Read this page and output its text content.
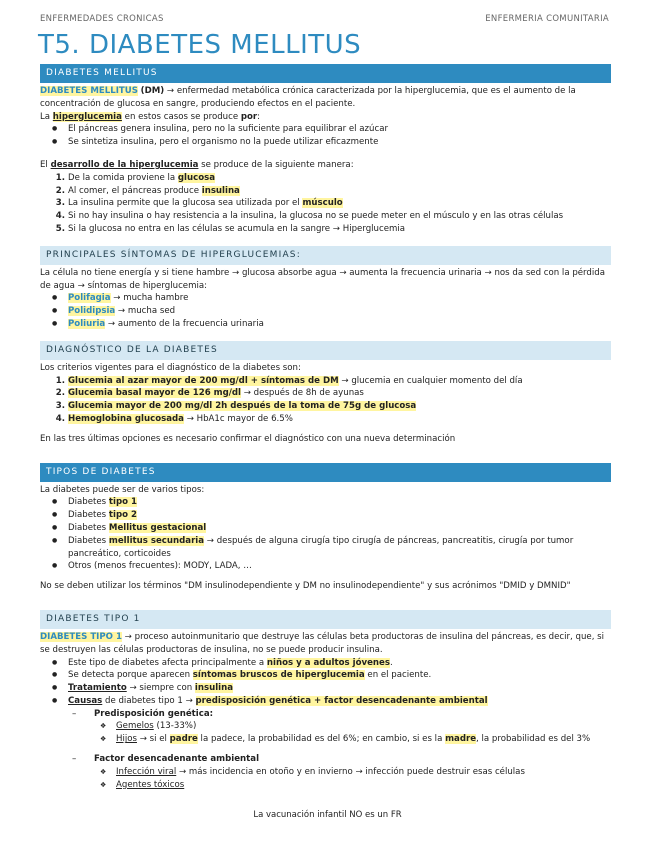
ENFERMEDADES CRONICAS	ENFERMERIA COMUNITARIA
T5. DIABETES MELLITUS
DIABETES MELLITUS

DIABETES MELLITUS (DM) → enfermedad metabólica crónica caracterizada por la hiperglucemia, que es el aumento de la concentración de glucosa en sangre, produciendo efectos en el paciente.

La hiperglucemia en estos casos se produce por:

● El páncreas genera insulina, pero no la suficiente para equilibrar el azúcar
● Se sintetiza insulina, pero el organismo no la puede utilizar eficazmente

El desarrollo de la hiperglucemia se produce de la siguiente manera:

1. De la comida proviene la glucosa
2. Al comer, el páncreas produce insulina
3. La insulina permite que la glucosa sea utilizada por el músculo
4. Si no hay insulina o hay resistencia a la insulina, la glucosa no se puede meter en el músculo y en las otras células
5. Si la glucosa no entra en las células se acumula en la sangre → Hiperglucemia
PRINCIPALES SÍNTOMAS DE HIPERGLUCEMIAS:

La célula no tiene energía y si tiene hambre → glucosa absorbe agua → aumenta la frecuencia urinaria → nos da sed con la pérdida de agua → síntomas de hiperglucemia:

● Polifagia → mucha hambre
● Polidipsia → mucha sed
● Poliuria → aumento de la frecuencia urinaria
DIAGNÓSTICO DE LA DIABETES

Los criterios vigentes para el diagnóstico de la diabetes son:

1. Glucemia al azar mayor de 200 mg/dl + síntomas de DM → glucemia en cualquier momento del día
2. Glucemia basal mayor de 126 mg/dl → después de 8h de ayunas
3. Glucemia mayor de 200 mg/dl 2h después de la toma de 75g de glucosa
4. Hemoglobina glucosada → HbA1c mayor de 6.5%

En las tres últimas opciones es necesario confirmar el diagnóstico con una nueva determinación

TIPOS DE DIABETES

La diabetes puede ser de varios tipos:

● Diabetes tipo 1
● Diabetes tipo 2
● Diabetes Mellitus gestacional
● Diabetes mellitus secundaria → después de alguna cirugía tipo cirugía de páncreas, pancreatitis, cirugía por tumor pancreático, corticoides
● Otros (menos frecuentes): MODY, LADA, …

No se deben utilizar los términos "DM insulinodependiente y DM no insulinodependiente" y sus acrónimos "DMID y DMNID"

DIABETES TIPO 1

DIABETES TIPO 1 → proceso autoinmunitario que destruye las células beta productoras de insulina del páncreas, es decir, que, si se destruyen las células productoras de insulina, no se puede producir insulina.

● Este tipo de diabetes afecta principalmente a niños y a adultos jóvenes.
● Se detecta porque aparecen síntomas bruscos de hiperglucemia en el paciente.
● Tratamiento → siempre con insulina
● Causas de diabetes tipo 1 → predisposición genética + factor desencadenante ambiental
– Predisposición genética:
❖ Gemelos (13-33%)
❖ Hijos → si el padre la padece, la probabilidad es del 6%; en cambio, si es la madre, la probabilidad es del 3%
– Factor desencadenante ambiental
❖ Infección viral → más incidencia en otoño y en invierno → infección puede destruir esas células
❖ Agentes tóxicos
La vacunación infantil NO es un FR
